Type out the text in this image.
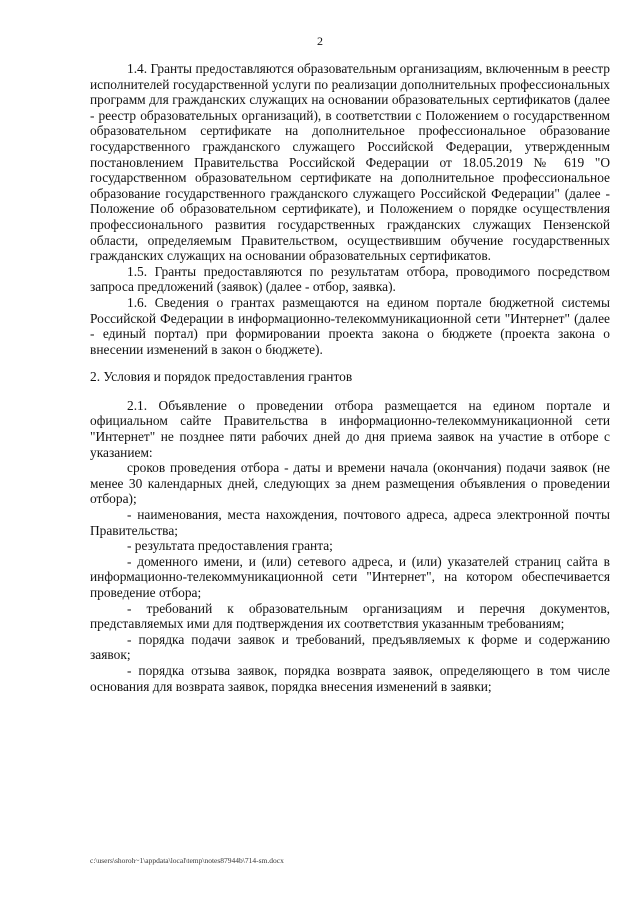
2

1.4. Гранты предоставляются образовательным организациям, включенным в реестр исполнителей государственной услуги по реализации дополнительных профессиональных программ для гражданских служащих на основании образовательных сертификатов (далее - реестр образовательных организаций), в соответствии с Положением о государственном образовательном сертификате на дополнительное профессиональное образование государственного гражданского служащего Российской Федерации, утвержденным постановлением Правительства Российской Федерации от 18.05.2019 № 619 "О государственном образовательном сертификате на дополнительное профессиональное образование государственного гражданского служащего Российской Федерации" (далее - Положение об образовательном сертификате), и Положением о порядке осуществления профессионального развития государственных гражданских служащих Пензенской области, определяемым Правительством, осуществившим обучение государственных гражданских служащих на основании образовательных сертификатов.

1.5. Гранты предоставляются по результатам отбора, проводимого посредством запроса предложений (заявок) (далее - отбор, заявка).

1.6. Сведения о грантах размещаются на едином портале бюджетной системы Российской Федерации в информационно-телекоммуникационной сети "Интернет" (далее - единый портал) при формировании проекта закона о бюджете (проекта закона о внесении изменений в закон о бюджете).

2. Условия и порядок предоставления грантов

2.1. Объявление о проведении отбора размещается на едином портале и официальном сайте Правительства в информационно-телекоммуникационной сети "Интернет" не позднее пяти рабочих дней до дня приема заявок на участие в отборе с указанием:

сроков проведения отбора - даты и времени начала (окончания) подачи заявок (не менее 30 календарных дней, следующих за днем размещения объявления о проведении отбора);

- наименования, места нахождения, почтового адреса, адреса электронной почты Правительства;

- результата предоставления гранта;

- доменного имени, и (или) сетевого адреса, и (или) указателей страниц сайта в информационно-телекоммуникационной сети "Интернет", на котором обеспечивается проведение отбора;

- требований к образовательным организациям и перечня документов, представляемых ими для подтверждения их соответствия указанным требованиям;

- порядка подачи заявок и требований, предъявляемых к форме и содержанию заявок;

- порядка отзыва заявок, порядка возврата заявок, определяющего в том числе основания для возврата заявок, порядка внесения изменений в заявки;

c:\users\shoroh~1\appdata\local\temp\notes87944b\714-sm.docx
